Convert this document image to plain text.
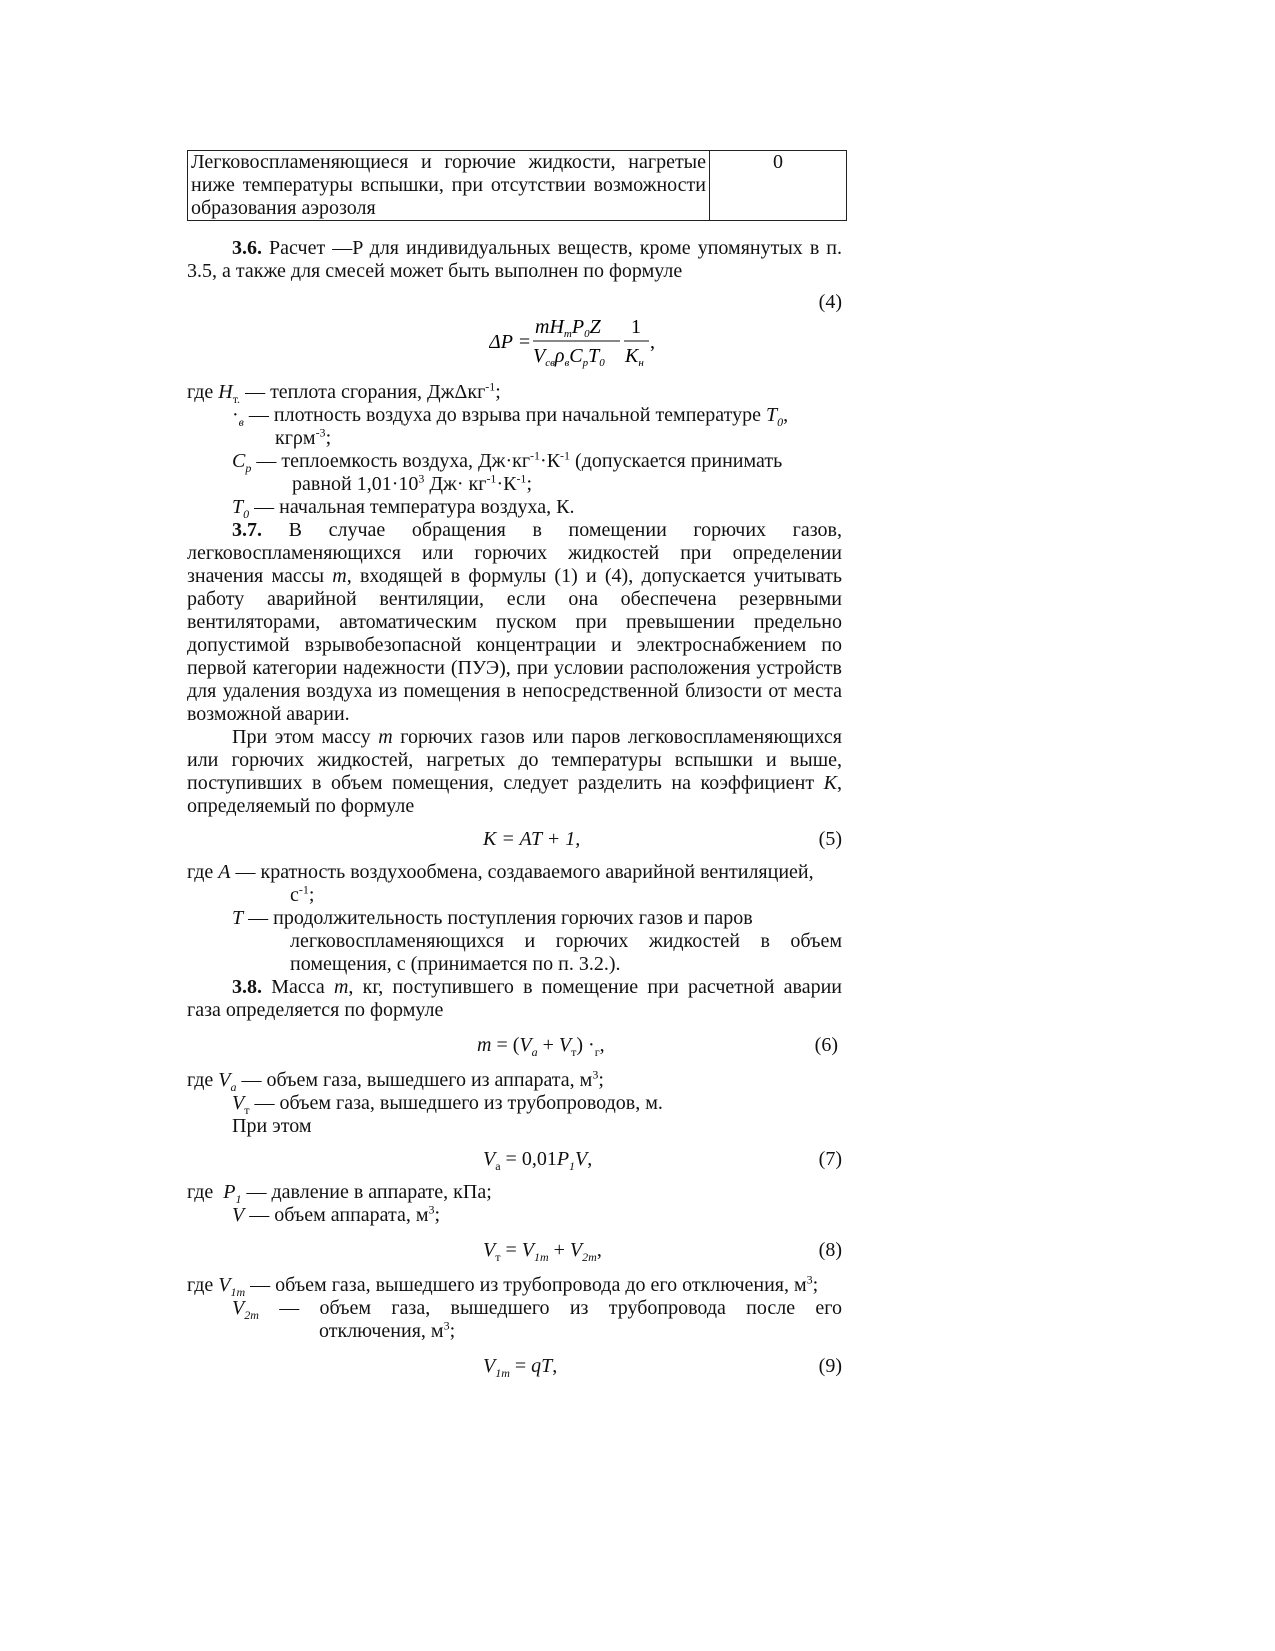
Легковоспламеняющиеся и горючие жидкости, нагретые ниже температуры вспышки, при отсутствии возможности образования аэрозоля	0

3.6. Расчет —P для индивидуальных веществ, кроме упомянутых в п. 3.5, а также для смесей может быть выполнен по формуле

(4)
ΔP =
$mH_тP_0Z$
$V_{св}\rho_вC_рT_0$
1
$K_н$
,

где $H_{т.}$ — теплота сгорания, ДжΔкг$^{-1}$;

$\cdot_в$ — плотность воздуха до взрыва при начальной температуре $T_0$,
кгρм$^{-3}$;

$C_р$ — теплоемкость воздуха, $Дж\cdot кг^{-1}\cdot К^{-1}$ (допускается принимать
равной $1,01\cdot 10^3$ $Дж\cdot кг^{-1}\cdot К^{-1}$;

$T_0$ — начальная температура воздуха, К.

3.7. В случае обращения в помещении горючих газов, легковоспламеняющихся или горючих жидкостей при определении значения массы m, входящей в формулы (1) и (4), допускается учитывать работу аварийной вентиляции, если она обеспечена резервными вентиляторами, автоматическим пуском при превышении предельно допустимой взрывобезопасной концентрации и электроснабжением по первой категории надежности (ПУЭ), при условии расположения устройств для удаления воздуха из помещения в непосредственной близости от места возможной аварии.

При этом массу m горючих газов или паров легковоспламеняющихся или горючих жидкостей, нагретых до температуры вспышки и выше, поступивших в объем помещения, следует разделить на коэффициент K, определяемый по формуле

K = AT + 1,	(5)

где A — кратность воздухообмена, создаваемого аварийной вентиляцией,
$с^{-1}$;

T — продолжительность поступления горючих газов и паров
легковоспламеняющихся и горючих жидкостей в объем
помещения, с (принимается по п. 3.2.).

3.8. Масса m, кг, поступившего в помещение при расчетной аварии газа определяется по формуле

$m = (V_а + V_т) \cdot_г$,	(6)

где $V_а$ — объем газа, вышедшего из аппарата, $м^3$;

$V_т$ — объем газа, вышедшего из трубопроводов, м.

При этом

$V_а = 0,01P_1V$,	(7)

где  $P_1$ — давление в аппарате, кПа;

V — объем аппарата, $м^3$;

$V_т = V_{1т} + V_{2т}$,	(8)

где $V_{1т}$ — объем газа, вышедшего из трубопровода до его отключения, $м^3$;

$V_{2т}$ — объем газа, вышедшего из трубопровода после его
отключения, $м^3$;

$V_{1т}$ = qT,	(9)
